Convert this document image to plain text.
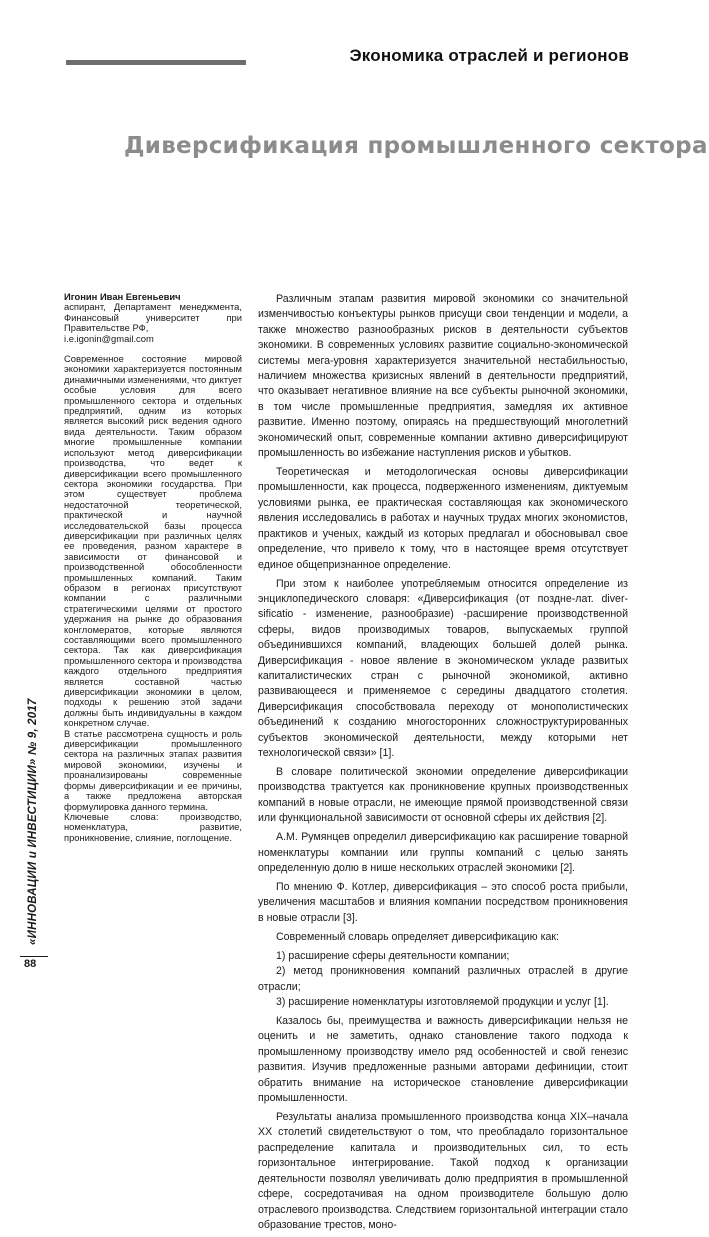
Экономика отраслей и регионов
Диверсификация промышленного сектора
«ИННОВАЦИИ и ИНВЕСТИЦИИ» № 9, 2017
88

Игонин Иван Евгеньевич

аспирант, Департамент менеджмента, Финансовый университет при Правительстве РФ,

i.e.igonin@gmail.com

Современное состояние мировой экономики характеризуется постоянным динамичными изменениями, что диктует особые условия для всего промышленного сектора и отдельных предприятий, одним из которых является высокий риск ведения одного вида деятельности. Таким образом многие промышленные компании используют метод диверсификации производства, что ведет к диверсификации всего промышленного сектора экономики государства. При этом существует проблема недостаточной теоретической, практической и научной исследовательской базы процесса диверсификации при различных целях ее проведения, разном характере в зависимости от финансовой и производственной обособленности промышленных компаний. Таким образом в регионах присутствуют компании с различными стратегическими целями от простого удержания на рынке до образования конгломератов, которые являются составляющими всего промышленного сектора. Так как диверсификация промышленного сектора и производства каждого отдельного предприятия является составной частью диверсификации экономики в целом, подходы к решению этой задачи должны быть индивидуальны в каждом конкретном случае.

В статье рассмотрена сущность и роль диверсификации промышленного сектора на различных этапах развития мировой экономики, изучены и проанализированы современные формы диверсификации и ее причины, а также предложена авторская формулировка данного термина.

Ключевые слова: производство, номенклатура, развитие, проникновение, слияние, поглощение.

Различным этапам развития мировой экономики со значительной изменчивостью конъектуры рынков присущи свои тенденции и модели, а также множество разнообразных рисков в деятельности субъектов экономики. В современных условиях развитие социально-экономической системы мега-уровня характеризуется значительной нестабильностью, наличием множества кризисных явлений в деятельности предприятий, что оказывает негативное влияние на все субъекты рыночной экономики, в том числе промышленные предприятия, замедляя их активное развитие. Именно поэтому, опираясь на предшествующий многолетний экономический опыт, современные компании активно диверсифицируют промышленность во избежание наступления рисков и убытков.

Теоретическая и методологическая основы диверсификации промышленности, как процесса, подверженного изменениям, диктуемым условиями рынка, ее практическая составляющая как экономического явления исследовались в работах и научных трудах многих экономистов, практиков и ученых, каждый из которых предлагал и обосновывал свое определение, что привело к тому, что в настоящее время отсутствует единое общепризнанное определение.

При этом к наиболее употребляемым относится определение из энциклопедического словаря: «Диверсификация (от поздне-лат. diver-sificatio - изменение, разнообразие) -расширение производственной сферы, видов производимых товаров, выпускаемых группой объединившихся компаний, владеющих большей долей рынка. Диверсификация - новое явление в экономическом укладе развитых капиталистических стран с рыночной экономикой, активно развивающееся и применяемое с середины двадцатого столетия. Диверсификация способствовала переходу от монополистических объединений к созданию многосторонних сложноструктурированных субъектов экономической деятельности, между которыми нет технологической связи» [1].

В словаре политической экономии определение диверсификации производства трактуется как проникновение крупных производственных компаний в новые отрасли, не имеющие прямой производственной связи или функциональной зависимости от основной сферы их действия [2].

А.М. Румянцев определил диверсификацию как расширение товарной номенклатуры компании или группы компаний с целью занять определенную долю в нише нескольких отраслей экономики [2].

По мнению Ф. Котлер, диверсификация – это способ роста прибыли, увеличения масштабов и влияния компании посредством проникновения в новые отрасли [3].

Современный словарь определяет диверсификацию как:

1) расширение сферы деятельности компании;

2) метод проникновения компаний различных отраслей в другие отрасли;

3) расширение номенклатуры изготовляемой продукции и услуг [1].

Казалось бы, преимущества и важность диверсификации нельзя не оценить и не заметить, однако становление такого подхода к промышленному производству имело ряд особенностей и свой генезис развития. Изучив предложенные разными авторами дефиниции, стоит обратить внимание на историческое становление диверсификации промышленности.

Результаты анализа промышленного производства конца XIX–начала XX столетий свидетельствуют о том, что преобладало горизонтальное распределение капитала и производительных сил, то есть горизонтальное интегрирование. Такой подход к организации деятельности позволял увеличивать долю предприятия в промышленной сфере, сосредотачивая на одном производителе большую долю отраслевого производства. Следствием горизонтальной интеграции стало образование трестов, моно-
